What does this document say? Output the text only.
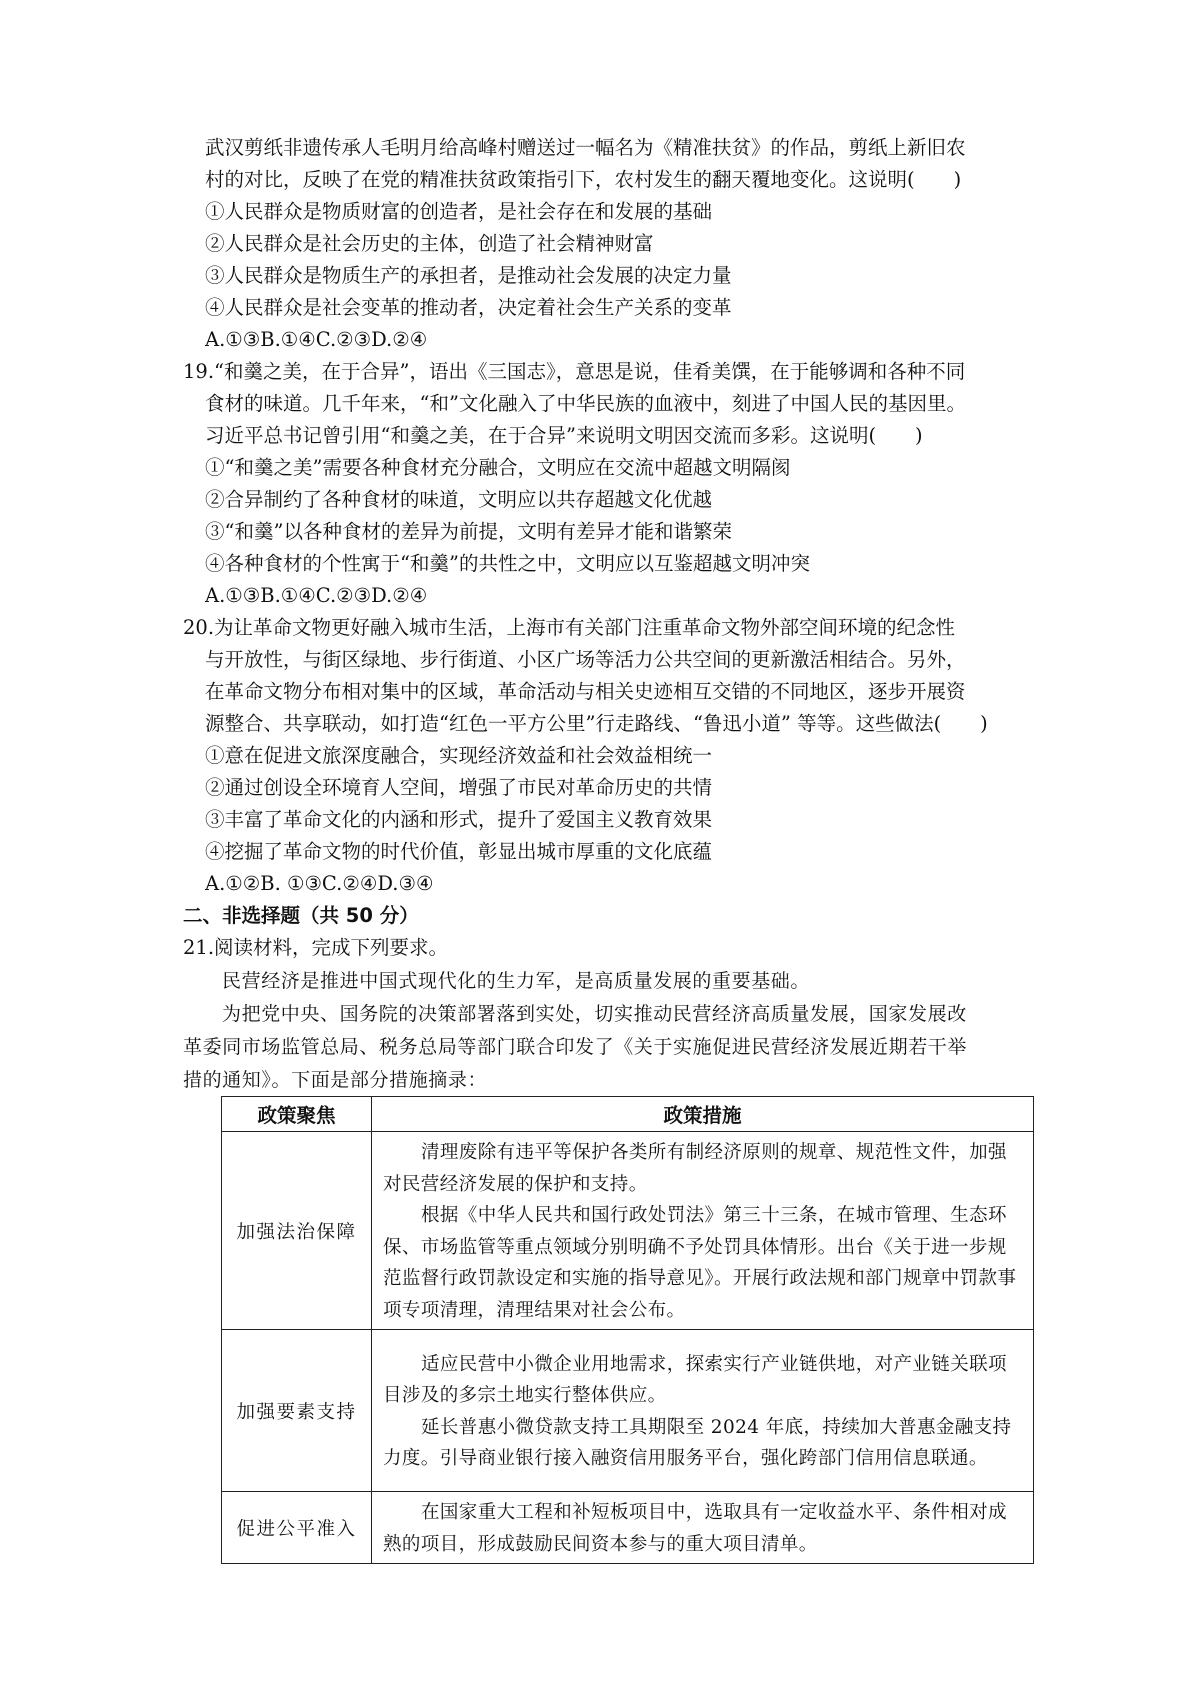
武汉剪纸非遗传承人毛明月给高峰村赠送过一幅名为《精准扶贫》的作品，剪纸上新旧农
村的对比，反映了在党的精准扶贫政策指引下，农村发生的翻天覆地变化。这说明(　　)
①人民群众是物质财富的创造者，是社会存在和发展的基础
②人民群众是社会历史的主体，创造了社会精神财富
③人民群众是物质生产的承担者，是推动社会发展的决定力量
④人民群众是社会变革的推动者，决定着社会生产关系的变革
A.①③B.①④C.②③D.②④
19.“和羹之美，在于合异”，语出《三国志》，意思是说，佳肴美馔，在于能够调和各种不同
食材的味道。几千年来，“和”文化融入了中华民族的血液中，刻进了中国人民的基因里。
习近平总书记曾引用“和羹之美，在于合异”来说明文明因交流而多彩。这说明(　　)
①“和羹之美”需要各种食材充分融合，文明应在交流中超越文明隔阂
②合异制约了各种食材的味道，文明应以共存超越文化优越
③“和羹”以各种食材的差异为前提，文明有差异才能和谐繁荣
④各种食材的个性寓于“和羹”的共性之中，文明应以互鉴超越文明冲突
A.①③B.①④C.②③D.②④
20.为让革命文物更好融入城市生活，上海市有关部门注重革命文物外部空间环境的纪念性
与开放性，与街区绿地、步行街道、小区广场等活力公共空间的更新激活相结合。另外，
在革命文物分布相对集中的区域，革命活动与相关史迹相互交错的不同地区，逐步开展资
源整合、共享联动，如打造“红色一平方公里”行走路线、“鲁迅小道” 等等。这些做法(　　)
①意在促进文旅深度融合，实现经济效益和社会效益相统一
②通过创设全环境育人空间，增强了市民对革命历史的共情
③丰富了革命文化的内涵和形式，提升了爱国主义教育效果
④挖掘了革命文物的时代价值，彰显出城市厚重的文化底蕴
A.①②B. ①③C.②④D.③④
二、非选择题（共 50 分）
21.阅读材料，完成下列要求。
民营经济是推进中国式现代化的生力军，是高质量发展的重要基础。
为把党中央、国务院的决策部署落到实处，切实推动民营经济高质量发展，国家发展改
革委同市场监管总局、税务总局等部门联合印发了《关于实施促进民营经济发展近期若干举
措的通知》。下面是部分措施摘录：
政策聚焦	政策措施
加强法治保障	清理废除有违平等保护各类所有制经济原则的规章、规范性文件，加强对民营经济发展的保护和支持。

根据《中华人民共和国行政处罚法》第三十三条，在城市管理、生态环保、市场监管等重点领域分别明确不予处罚具体情形。出台《关于进一步规范监督行政罚款设定和实施的指导意见》。开展行政法规和部门规章中罚款事项专项清理，清理结果对社会公布。

加强要素支持	适应民营中小微企业用地需求，探索实行产业链供地，对产业链关联项目涉及的多宗土地实行整体供应。

延长普惠小微贷款支持工具期限至 2024 年底，持续加大普惠金融支持力度。引导商业银行接入融资信用服务平台，强化跨部门信用信息联通。

促进公平准入	在国家重大工程和补短板项目中，选取具有一定收益水平、条件相对成熟的项目，形成鼓励民间资本参与的重大项目清单。
